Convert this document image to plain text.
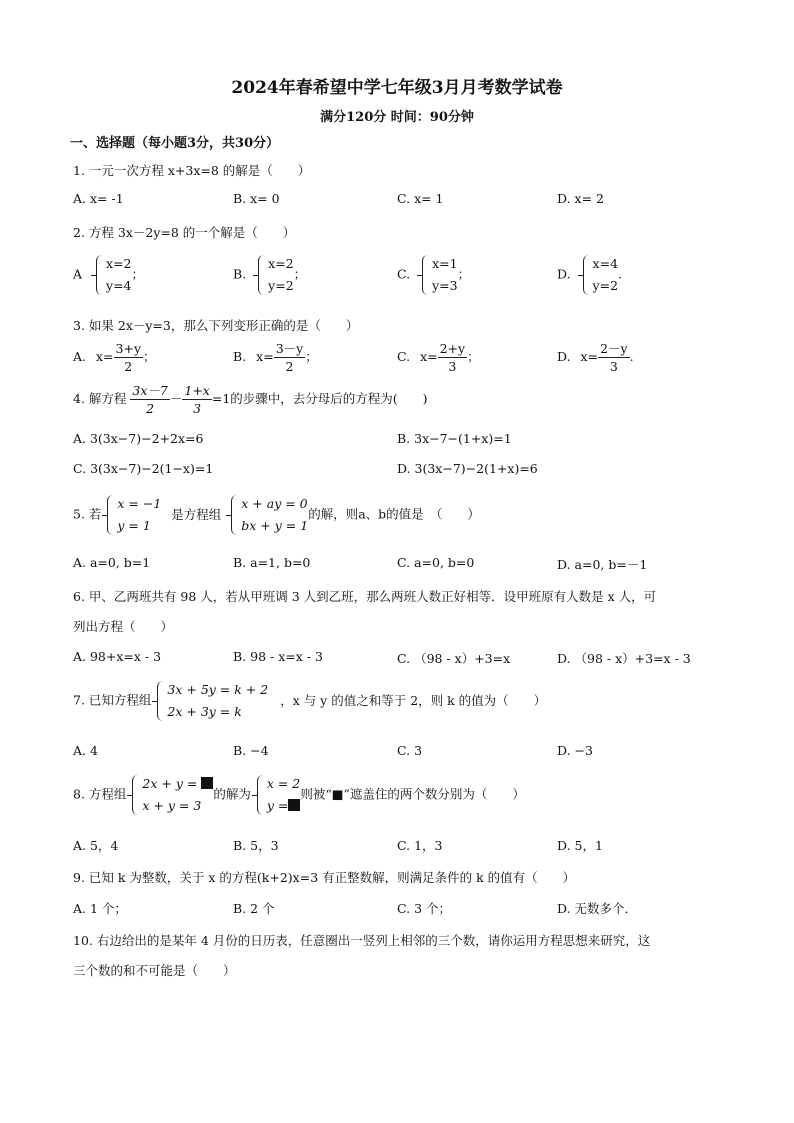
2024年春希望中学七年级3月月考数学试卷
满分120分 时间：90分钟
一、选择题（每小题3分，共30分）
1. 一元一次方程 x+3x=8 的解是（　　）
A. x= -1	B. x= 0	C. x= 1	D. x= 2
2. 方程 3x－2y=8 的一个解是（　　）
A
x=2
y=4
；	B.
x=2
y=2
；	C.
x=1
y=3
；	D.
x=4
y=2
.
3. 如果 2x－y=3，那么下列变形正确的是（　　）
A. $x= \frac{3+y}{2}$ ；	B. $x= \frac{3-y}{2}$ ；	C. $x= \frac{2+y}{3}$ ；	D. $x= \frac{2-y}{3}$ .
4. 解方程 $\frac{3x-7}{2} - \frac{1+x}{3} =1$的步骤中，去分母后的方程为(　　)
A. 3(3x−7)−2+2x=6	B. 3x−7−(1+x)=1
C. 3(3x−7)−2(1−x)=1	D. 3(3x−7)−2(1+x)=6
5. 若
x = −1
y = 1
是方程组
x + ay = 0
bx + y = 1
的解，则a、b的值是　（　　）
A. a=0, b=1	B. a=1, b=0	C. a=0, b=0	D. a=0, b=－1
6. 甲、乙两班共有 98 人，若从甲班调 3 人到乙班，那么两班人数正好相等．设甲班原有人数是 x 人，可
列出方程（　　）
A. 98+x=x - 3	B. 98 - x=x - 3	C. （98 - x）+3=x	D. （98 - x）+3=x - 3
7. 已知方程组
3x + 5y = k + 2
2x + 3y = k
，x 与 y 的值之和等于 2，则 k 的值为（　　）
A. 4	B. −4	C. 3	D. −3
8. 方程组
2x + y =
x + y = 3
的解为
x = 2
y =
则被“■”遮盖住的两个数分别为（　　）
A. 5，4	B. 5，3	C. 1，3	D. 5，1
9. 已知 k 为整数，关于 x 的方程(k+2)x=3 有正整数解，则满足条件的 k 的值有（　　）
A. 1 个；	B. 2 个	C. 3 个；	D. 无数多个．
10. 右边给出的是某年 4 月份的日历表，任意圈出一竖列上相邻的三个数，请你运用方程思想来研究，这
三个数的和不可能是（　　）
